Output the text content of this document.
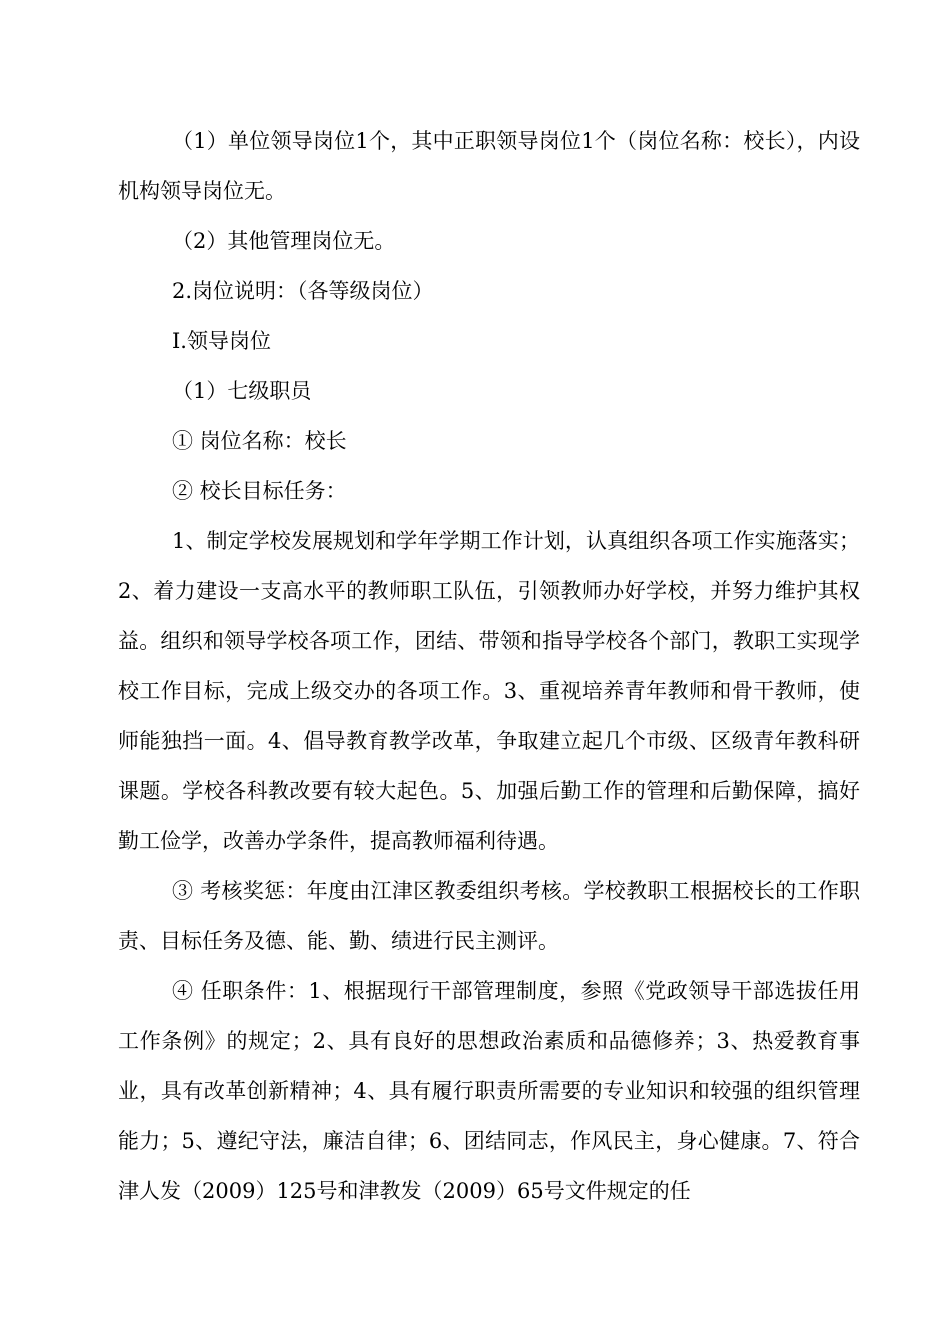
（1）单位领导岗位1个，其中正职领导岗位1个（岗位名称：校长），内设机构领导岗位无。

（2）其他管理岗位无。

2.岗位说明：（各等级岗位）

I.领导岗位

（1）七级职员

① 岗位名称：校长

② 校长目标任务：

1、制定学校发展规划和学年学期工作计划，认真组织各项工作实施落实； 2、着力建设一支高水平的教师职工队伍，引领教师办好学校，并努力维护其权益。组织和领导学校各项工作，团结、带领和指导学校各个部门，教职工实现学校工作目标，完成上级交办的各项工作。3、重视培养青年教师和骨干教师，使师能独挡一面。4、倡导教育教学改革，争取建立起几个市级、区级青年教科研课题。学校各科教改要有较大起色。5、加强后勤工作的管理和后勤保障，搞好勤工俭学，改善办学条件，提高教师福利待遇。

③ 考核奖惩：年度由江津区教委组织考核。学校教职工根据校长的工作职责、目标任务及德、能、勤、绩进行民主测评。

④ 任职条件：1、根据现行干部管理制度，参照《党政领导干部选拔任用工作条例》的规定；2、具有良好的思想政治素质和品德修养；3、热爱教育事业，具有改革创新精神；4、具有履行职责所需要的专业知识和较强的组织管理能力；5、遵纪守法，廉洁自律；6、团结同志，作风民主，身心健康。7、符合津人发（2009）125号和津教发（2009）65号文件规定的任
